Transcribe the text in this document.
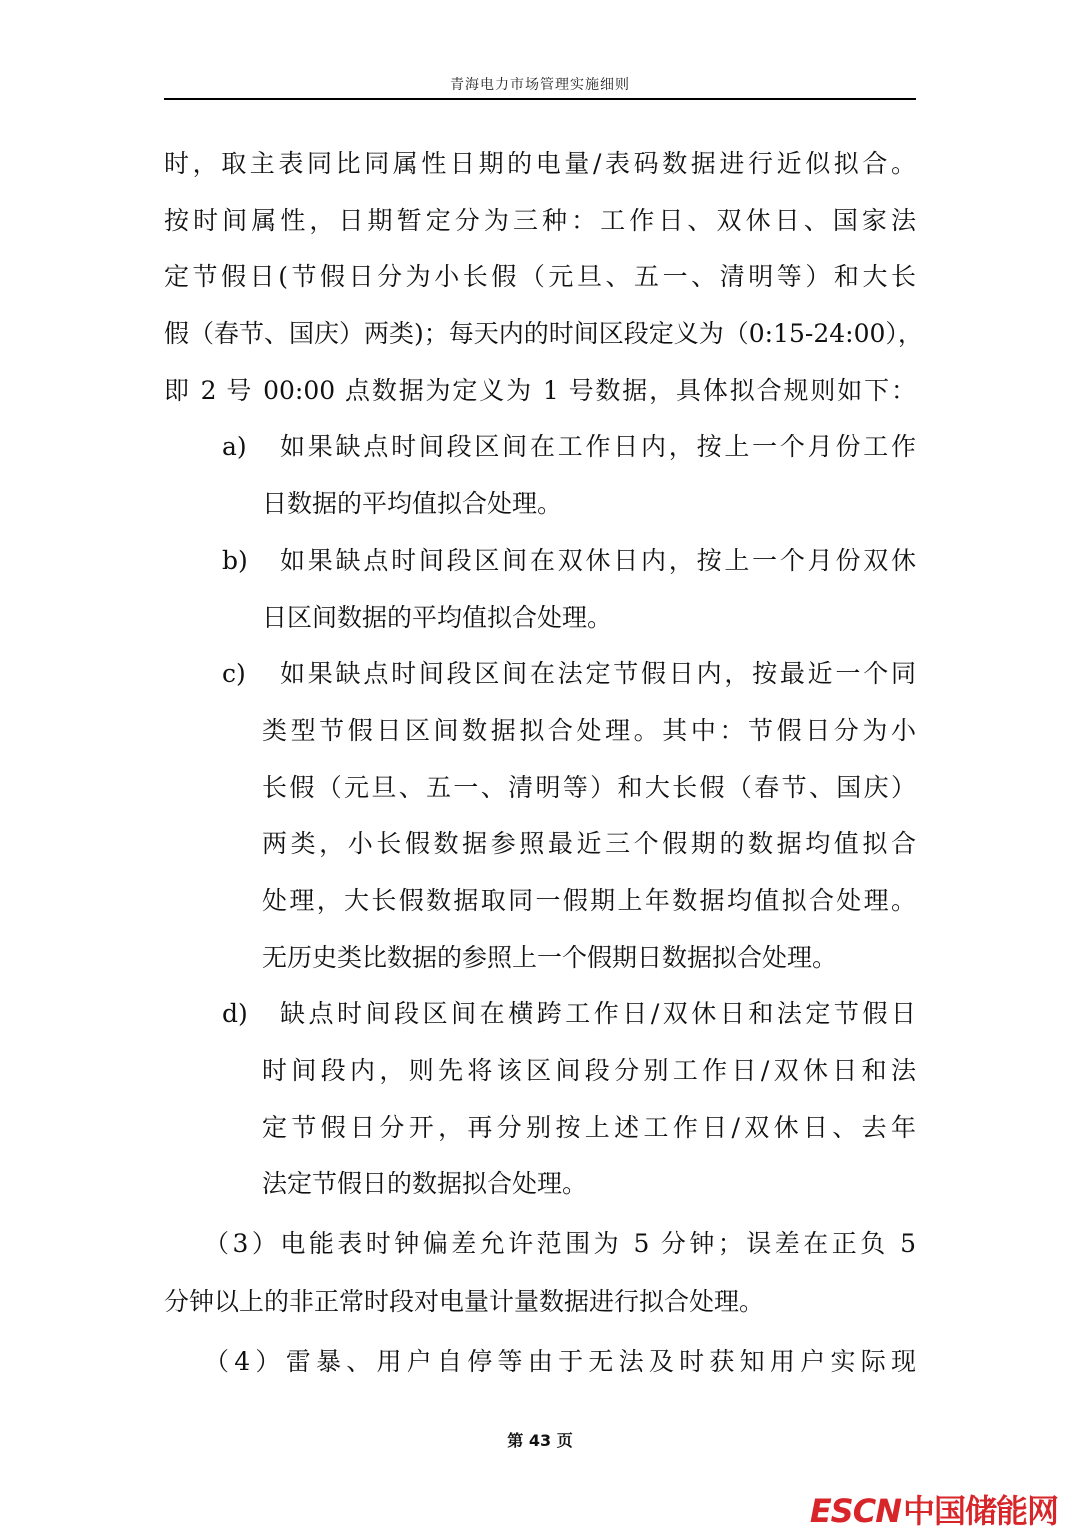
青海电力市场管理实施细则
时，取主表同比同属性日期的电量/表码数据进行近似拟合。
按时间属性，日期暂定分为三种：工作日、双休日、国家法
定节假日(节假日分为小长假（元旦、五一、清明等）和大长
假（春节、国庆）两类)；每天内的时间区段定义为（0:15-24:00），
即 2 号 00:00 点数据为定义为 1 号数据，具体拟合规则如下：
a)	如果缺点时间段区间在工作日内，按上一个月份工作
日数据的平均值拟合处理。
b)	如果缺点时间段区间在双休日内，按上一个月份双休
日区间数据的平均值拟合处理。
c)	如果缺点时间段区间在法定节假日内，按最近一个同
类型节假日区间数据拟合处理。其中：节假日分为小
长假（元旦、五一、清明等）和大长假（春节、国庆）
两类，小长假数据参照最近三个假期的数据均值拟合
处理，大长假数据取同一假期上年数据均值拟合处理。
无历史类比数据的参照上一个假期日数据拟合处理。
d)	缺点时间段区间在横跨工作日/双休日和法定节假日
时间段内，则先将该区间段分别工作日/双休日和法
定节假日分开，再分别按上述工作日/双休日、去年
法定节假日的数据拟合处理。
（3）电能表时钟偏差允许范围为 5 分钟；误差在正负 5
分钟以上的非正常时段对电量计量数据进行拟合处理。
（4）雷暴、用户自停等由于无法及时获知用户实际现
第 43 页
ESCN中国储能网
